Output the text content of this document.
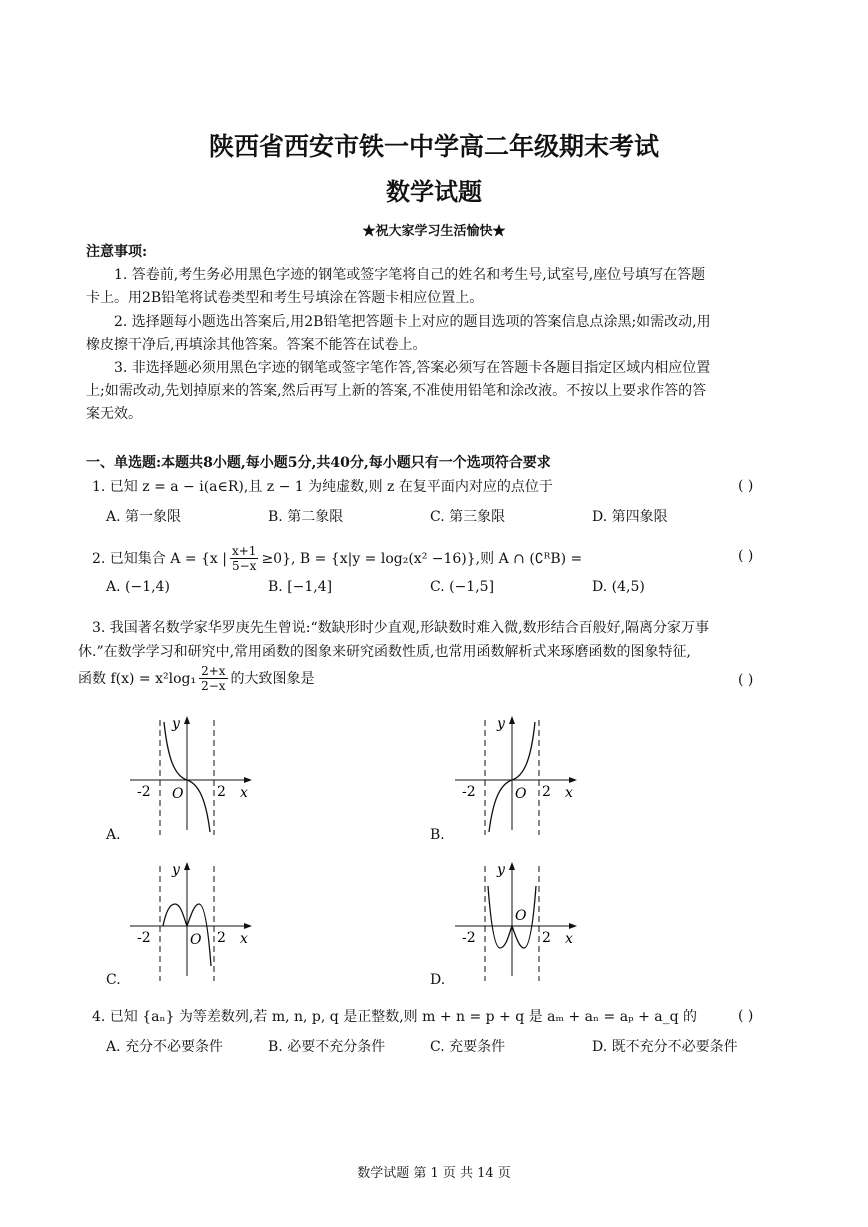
陕西省西安市铁一中学高二年级期末考试
数学试题
★祝大家学习生活愉快★
注意事项:
1. 答卷前,考生务必用黑色字迹的钢笔或签字笔将自己的姓名和考生号,试室号,座位号填写在答题
卡上。用2B铅笔将试卷类型和考生号填涂在答题卡相应位置上。
2. 选择题每小题选出答案后,用2B铅笔把答题卡上对应的题目选项的答案信息点涂黑;如需改动,用
橡皮擦干净后,再填涂其他答案。答案不能答在试卷上。
3. 非选择题必须用黑色字迹的钢笔或签字笔作答,答案必须写在答题卡各题目指定区域内相应位置
上;如需改动,先划掉原来的答案,然后再写上新的答案,不准使用铅笔和涂改液。不按以上要求作答的答
案无效。
一、单选题:本题共8小题,每小题5分,共40分,每小题只有一个选项符合要求
1. 已知 z = a − i(a∈R),且 z − 1 为纯虚数,则 z 在复平面内对应的点位于	( )
A. 第一象限	B. 第二象限	C. 第三象限	D. 第四象限
2. 已知集合 A = {x | $\frac{x+1}{5-x} \ge 0$}, B = {x|y = log₂(x² −16)},则 A ∩ (∁ᴿB) =	( )
A. (−1,4)	B. [−1,4]	C. (−1,5]	D. (4,5)
3. 我国著名数学家华罗庚先生曾说:“数缺形时少直观,形缺数时难入微,数形结合百般好,隔离分家万事
休.”在数学学习和研究中,常用函数的图象来研究函数性质,也常用函数解析式来琢磨函数的图象特征,
函数 $f(x) = x^2\log_1 \frac{2+x}{2-x}$ 的大致图象是	( )
y
x
O
-2	2
A.
y
x
O
-2	2
B.
y
x
O
-2	2
C.
y
x
O
-2	2
D.
4. 已知 {aₙ} 为等差数列,若 m, n, p, q 是正整数,则 m + n = p + q 是 aₘ + aₙ = aₚ + a_q 的	( )
A. 充分不必要条件	B. 必要不充分条件	C. 充要条件	D. 既不充分不必要条件
数学试题 第 1 页 共 14 页
